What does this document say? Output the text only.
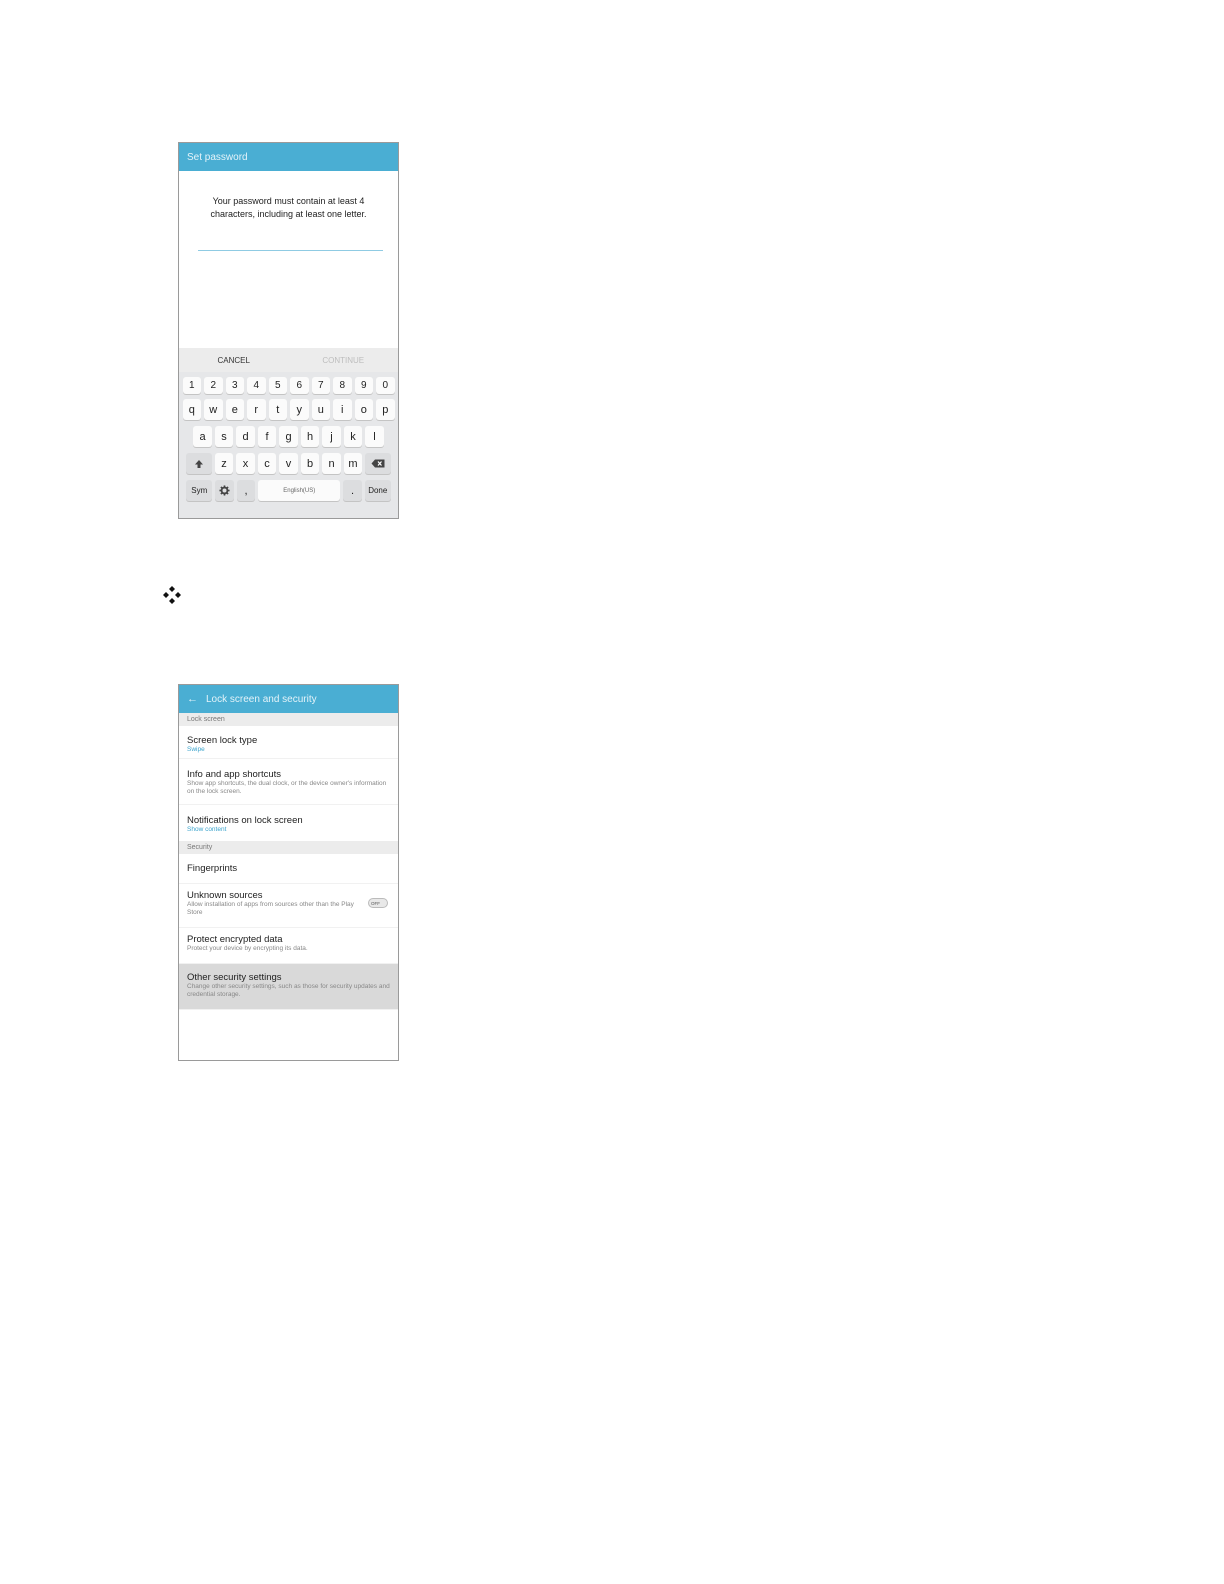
Set password
Your password must contain at least 4 characters, including at least one letter.
CANCEL	CONTINUE
1	2	3	4	5	6	7	8	9	0
q	w	e	r	t	y	u	i	o	p
a	s	d	f	g	h	j	k	l
z	x	c	v	b	n	m
Sym	,	English(US)	.	Done
← Lock screen and security
Lock screen
Screen lock type
Swipe
Info and app shortcuts
Show app shortcuts, the dual clock, or the device owner's information on the lock screen.
Notifications on lock screen
Show content
Security
Fingerprints
Unknown sources
Allow installation of apps from sources other than the Play Store
OFF
Protect encrypted data
Protect your device by encrypting its data.
Other security settings
Change other security settings, such as those for security updates and credential storage.
